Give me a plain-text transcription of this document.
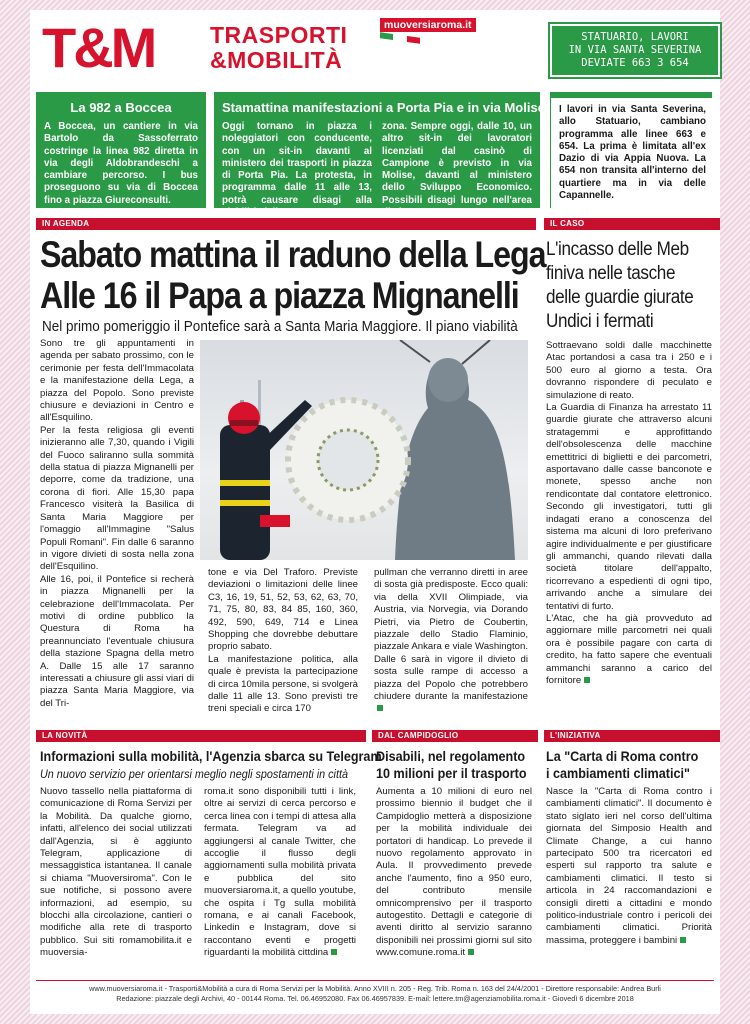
T&M TRASPORTI
&MOBILITÀ
muoversiaroma.it
STATUARIO, LAVORI
IN VIA SANTA SEVERINA
DEVIATE 663 3 654

La 982 a Boccea

A Boccea, un cantiere in via Bartolo da Sassoferrato costringe la linea 982 diretta in via degli Aldobrandeschi a cambiare percorso. I bus proseguono su via di Boccea fino a piazza Giureconsulti.

Stamattina manifestazioni a Porta Pia e in via Molise

Oggi tornano in piazza i noleggiatori con conducente, con un sit-in davanti al ministero dei trasporti in piazza di Porta Pia. La protesta, in programma dalle 11 alle 13, potrà causare disagi alla viabilità della

zona. Sempre oggi, dalle 10, un altro sit-in dei lavoratori licenziati dal casinò di Campione è previsto in via Molise, davanti al ministero dello Sviluppo Economico. Possibili disagi lungo nell'area di via Veneto.

I lavori in via Santa Severina, allo Statuario, cambiano programma alle linee 663 e 654. La prima è limitata all'ex Dazio di via Appia Nuova. La 654 non transita all'interno del quartiere ma in via delle Capannelle.

IN AGENDA
Sabato mattina il raduno della Lega
Alle 16 il Papa a piazza Mignanelli

Nel primo pomeriggio il Pontefice sarà a Santa Maria Maggiore. Il piano viabilità

Sono tre gli appuntamenti in agenda per sabato prossimo, con le cerimonie per festa dell'Immacolata e la manifestazione della Lega, a piazza del Popolo. Sono previste chiusure e deviazioni in Centro e all'Esquilino.

Per la festa religiosa gli eventi inizieranno alle 7,30, quando i Vigili del Fuoco saliranno sulla sommità della statua di piazza Mignanelli per deporre, come da tradizione, una corona di fiori. Alle 15,30 papa Francesco visiterà la Basilica di Santa Maria Maggiore per l'omaggio all'Immagine "Salus Populi Romani". Fin dalle 6 saranno in vigore divieti di sosta nella zona dell'Esquilino.

Alle 16, poi, il Pontefice si recherà in piazza Mignanelli per la celebrazione dell'Immacolata. Per motivi di ordine pubblico la Questura di Roma ha preannunciato l'eventuale chiusura della stazione Spagna della metro A. Dalle 15 alle 17 saranno interessati a chiusure gli assi viari di piazza Santa Maria Maggiore, via del Tri-

tone e via Del Traforo. Previste deviazioni o limitazioni delle linee C3, 16, 19, 51, 52, 53, 62, 63, 70, 71, 75, 80, 83, 84 85, 160, 360, 492, 590, 649, 714 e Linea Shopping che dovrebbe debuttare proprio sabato.

La manifestazione politica, alla quale è prevista la partecipazione di circa 10mila persone, si svolgerà dalle 11 alle 13. Sono previsti tre treni speciali e circa 170

pullman che verranno diretti in aree di sosta già predisposte. Ecco quali: via della XVII Olimpiade, via Austria, via Norvegia, via Dorando Pietri, via Pietro de Coubertin, piazzale dello Stadio Flaminio, piazzale Ankara e viale Washington. Dalle 6 sarà in vigore il divieto di sosta sulle rampe di accesso a piazza del Popolo che potrebbero chiudere durante la manifestazione

IL CASO
L'incasso delle Meb
finiva nelle tasche
delle guardie giurate
Undici i fermati

Sottraevano soldi dalle macchinette Atac portandosi a casa tra i 250 e i 500 euro al giorno a testa. Ora dovranno rispondere di peculato e simulazione di reato.

La Guardia di Finanza ha arrestato 11 guardie giurate che attraverso alcuni stratagemmi e approfittando dell'obsolescenza delle macchine emettitrici di biglietti e dei parcometri, asportavano dalle casse banconote e monete, spesso anche non rendicontate dal contatore elettronico. Secondo gli investigatori, tutti gli indagati erano a conoscenza del sistema ma alcuni di loro preferivano agire individualmente e per giustificare gli ammanchi, quando rilevati dalla società titolare dell'appalto, ricorrevano a espedienti di ogni tipo, arrivando anche a simulare dei tentativi di furto.

L'Atac, che ha già provveduto ad aggiornare mille parcometri nei quali ora è possibile pagare con carta di credito, ha fatto sapere che eventuali ammanchi saranno a carico del fornitore

LA NOVITÀ

Informazioni sulla mobilità, l'Agenzia sbarca su Telegram

Un nuovo servizio per orientarsi meglio negli spostamenti in città

Nuovo tassello nella piattaforma di comunicazione di Roma Servizi per la Mobilità. Da qualche giorno, infatti, all'elenco dei social utilizzati dall'Agenzia, si è aggiunto Telegram, applicazione di messaggistica istantanea. Il canale si chiama "Muoversiroma". Con le sue notifiche, si possono avere informazioni, ad esempio, su blocchi alla circolazione, cantieri o modifiche alla rete di trasporto pubblico. Sui siti romamobilita.it e muoversia-

roma.it sono disponibili tutti i link, oltre ai servizi di cerca percorso e cerca linea con i tempi di attesa alla fermata. Telegram va ad aggiungersi al canale Twitter, che accoglie il flusso degli aggiornamenti sulla mobilità privata e pubblica del sito muoversiaroma.it, a quello youtube, che ospita i Tg sulla mobilità romana, e ai canali Facebook, Linkedin e Instagram, dove si raccontano eventi e progetti riguardanti la mobilità cittdina

DAL CAMPIDOGLIO

Disabili, nel regolamento

10 milioni per il trasporto

Aumenta a 10 milioni di euro nel prossimo biennio il budget che il Campidoglio metterà a disposizione per la mobilità individuale dei portatori di handicap. Lo prevede il nuovo regolamento approvato in Aula. Il provvedimento prevede anche l'aumento, fino a 950 euro, del contributo mensile omnicomprensivo per il trasporto autogestito. Dettagli e categorie di aventi diritto al servizio saranno disponibili nei prossimi giorni sul sito www.comune.roma.it

L'INIZIATIVA

La "Carta di Roma contro

i cambiamenti climatici"

Nasce la "Carta di Roma contro i cambiamenti climatici". Il documento è stato siglato ieri nel corso dell'ultima giornata del Simposio Health and Climate Change, a cui hanno partecipato 500 tra ricercatori ed esperti sul rapporto tra salute e cambiamenti climatici. Il testo si articola in 24 raccomandazioni e consigli diretti a cittadini e mondo politico-industriale contro i pericoli dei cambiamenti climatici. Priorità massima, proteggere i bambini

www.muoversiaroma.it - Trasporti&Mobilità a cura di Roma Servizi per la Mobilità. Anno XVIII n. 205 - Reg. Trib. Roma n. 163 del 24/4/2001 - Direttore responsabile: Andrea Burli
Redazione: piazzale degli Archivi, 40 - 00144 Roma. Tel. 06.46952080. Fax 06.46957839. E-mail: lettere.tm@agenziamobilita.roma.it - Giovedì 6 dicembre 2018
